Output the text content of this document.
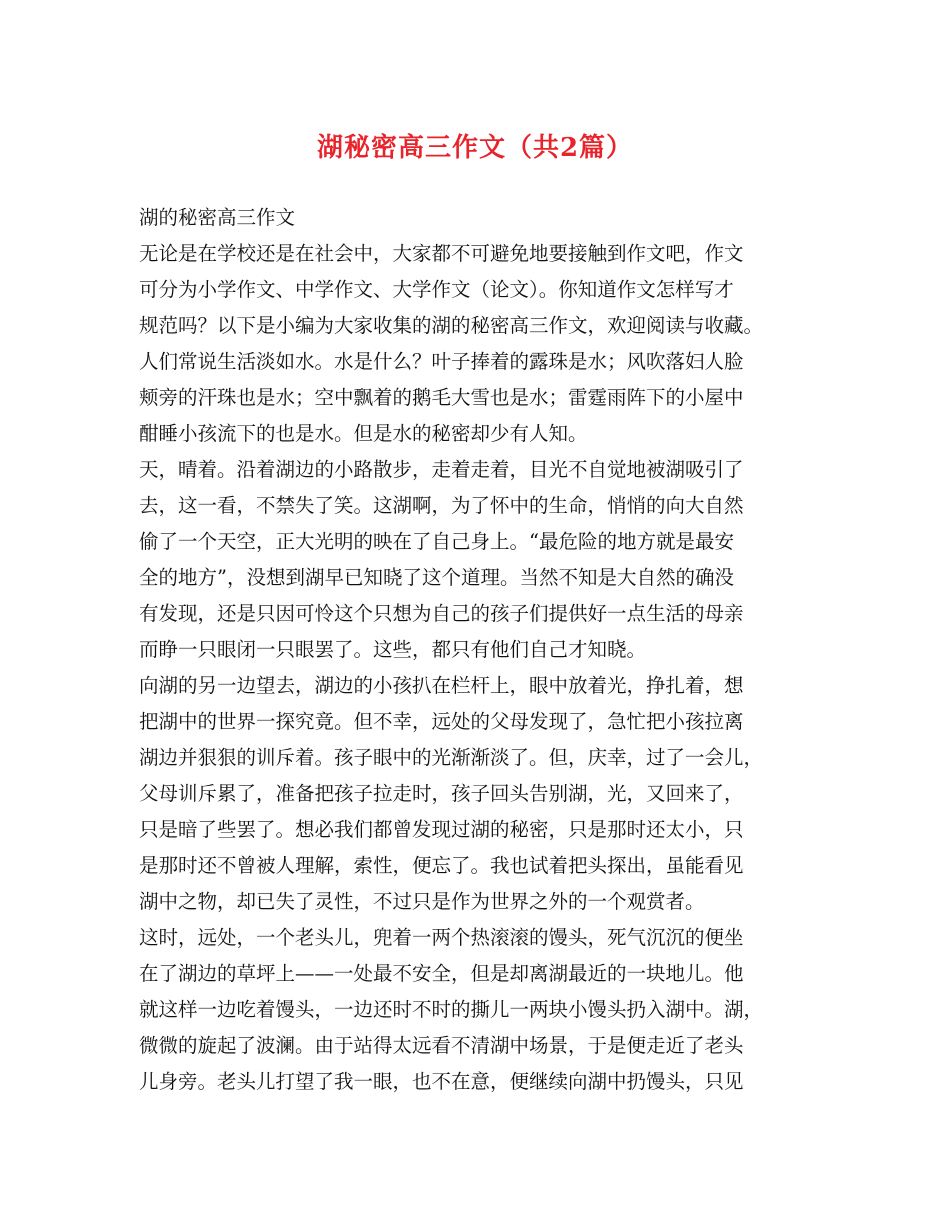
湖秘密高三作文（共2篇）
湖的秘密高三作文
无论是在学校还是在社会中，大家都不可避免地要接触到作文吧，作文
可分为小学作文、中学作文、大学作文（论文）。你知道作文怎样写才
规范吗？以下是小编为大家收集的湖的秘密高三作文，欢迎阅读与收藏。
人们常说生活淡如水。水是什么？叶子捧着的露珠是水；风吹落妇人脸
颊旁的汗珠也是水；空中飘着的鹅毛大雪也是水；雷霆雨阵下的小屋中
酣睡小孩流下的也是水。但是水的秘密却少有人知。
天，晴着。沿着湖边的小路散步，走着走着，目光不自觉地被湖吸引了
去，这一看，不禁失了笑。这湖啊，为了怀中的生命，悄悄的向大自然
偷了一个天空，正大光明的映在了自己身上。“最危险的地方就是最安
全的地方”，没想到湖早已知晓了这个道理。当然不知是大自然的确没
有发现，还是只因可怜这个只想为自己的孩子们提供好一点生活的母亲
而睁一只眼闭一只眼罢了。这些，都只有他们自己才知晓。
向湖的另一边望去，湖边的小孩扒在栏杆上，眼中放着光，挣扎着，想
把湖中的世界一探究竟。但不幸，远处的父母发现了，急忙把小孩拉离
湖边并狠狠的训斥着。孩子眼中的光渐渐淡了。但，庆幸，过了一会儿，
父母训斥累了，准备把孩子拉走时，孩子回头告别湖，光，又回来了，
只是暗了些罢了。想必我们都曾发现过湖的秘密，只是那时还太小，只
是那时还不曾被人理解，索性，便忘了。我也试着把头探出，虽能看见
湖中之物，却已失了灵性，不过只是作为世界之外的一个观赏者。
这时，远处，一个老头儿，兜着一两个热滚滚的馒头，死气沉沉的便坐
在了湖边的草坪上——一处最不安全，但是却离湖最近的一块地儿。他
就这样一边吃着馒头，一边还时不时的撕儿一两块小馒头扔入湖中。湖，
微微的旋起了波澜。由于站得太远看不清湖中场景，于是便走近了老头
儿身旁。老头儿打望了我一眼，也不在意，便继续向湖中扔馒头，只见
